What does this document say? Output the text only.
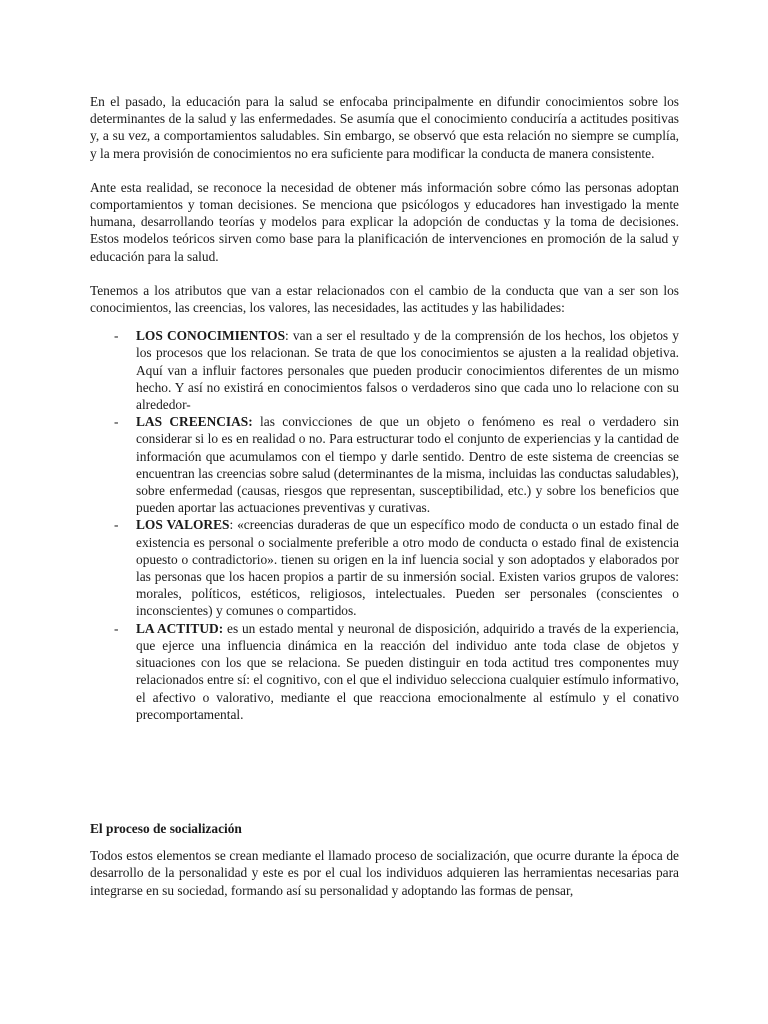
En el pasado, la educación para la salud se enfocaba principalmente en difundir conocimientos sobre los determinantes de la salud y las enfermedades. Se asumía que el conocimiento conduciría a actitudes positivas y, a su vez, a comportamientos saludables. Sin embargo, se observó que esta relación no siempre se cumplía, y la mera provisión de conocimientos no era suficiente para modificar la conducta de manera consistente.

Ante esta realidad, se reconoce la necesidad de obtener más información sobre cómo las personas adoptan comportamientos y toman decisiones. Se menciona que psicólogos y educadores han investigado la mente humana, desarrollando teorías y modelos para explicar la adopción de conductas y la toma de decisiones. Estos modelos teóricos sirven como base para la planificación de intervenciones en promoción de la salud y educación para la salud.

Tenemos a los atributos que van a estar relacionados con el cambio de la conducta que van a ser son los conocimientos, las creencias, los valores, las necesidades, las actitudes y las habilidades:

- LOS CONOCIMIENTOS: van a ser el resultado y de la comprensión de los hechos, los objetos y los procesos que los relacionan. Se trata de que los conocimientos se ajusten a la realidad objetiva. Aquí van a influir factores personales que pueden producir conocimientos diferentes de un mismo hecho. Y así no existirá en conocimientos falsos o verdaderos sino que cada uno lo relacione con su alrededor-
- LAS CREENCIAS: las convicciones de que un objeto o fenómeno es real o verdadero sin considerar si lo es en realidad o no. Para estructurar todo el conjunto de experiencias y la cantidad de información que acumulamos con el tiempo y darle sentido. Dentro de este sistema de creencias se encuentran las creencias sobre salud (determinantes de la misma, incluidas las conductas saludables), sobre enfermedad (causas, riesgos que representan, susceptibilidad, etc.) y sobre los beneficios que pueden aportar las actuaciones preventivas y curativas.
- LOS VALORES: «creencias duraderas de que un específico modo de conducta o un estado final de existencia es personal o socialmente preferible a otro modo de conducta o estado final de existencia opuesto o contradictorio». tienen su origen en la inf luencia social y son adoptados y elaborados por las personas que los hacen propios a partir de su inmersión social. Existen varios grupos de valores: morales, políticos, estéticos, religiosos, intelectuales. Pueden ser personales (conscientes o inconscientes) y comunes o compartidos.
- LA ACTITUD: es un estado mental y neuronal de disposición, adquirido a través de la experiencia, que ejerce una influencia dinámica en la reacción del individuo ante toda clase de objetos y situaciones con los que se relaciona. Se pueden distinguir en toda actitud tres componentes muy relacionados entre sí: el cognitivo, con el que el individuo selecciona cualquier estímulo informativo, el afectivo o valorativo, mediante el que reacciona emocionalmente al estímulo y el conativo precomportamental.

El proceso de socialización

Todos estos elementos se crean mediante el llamado proceso de socialización, que ocurre durante la época de desarrollo de la personalidad y este es por el cual los individuos adquieren las herramientas necesarias para integrarse en su sociedad, formando así su personalidad y adoptando las formas de pensar,
